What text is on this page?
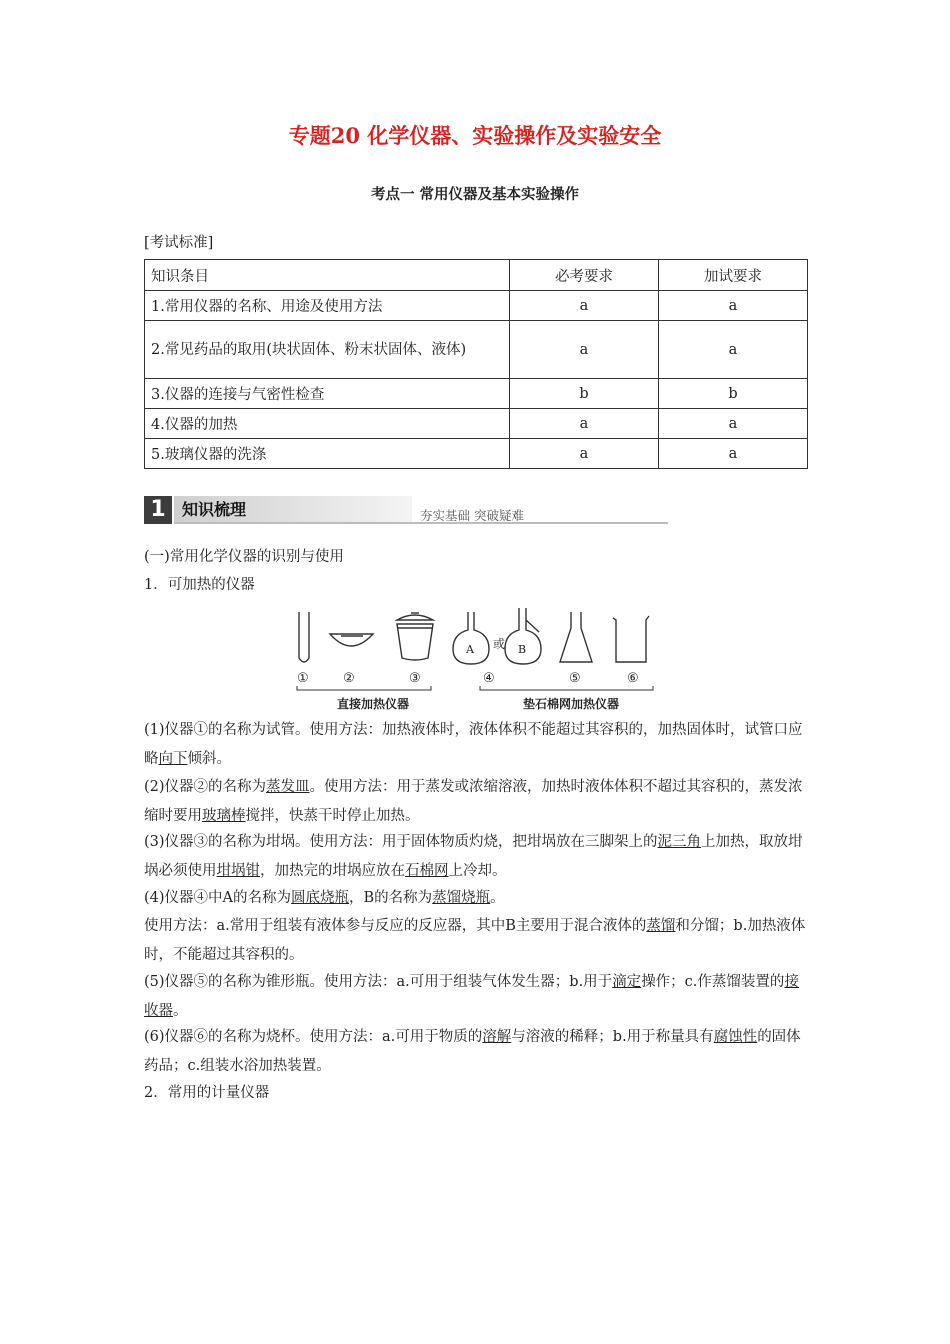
专题20 化学仪器、实验操作及实验安全
考点一 常用仪器及基本实验操作
[考试标准]
知识条目	必考要求	加试要求
1.常用仪器的名称、用途及使用方法	a	a
2.常见药品的取用(块状固体、粉末状固体、液体)	a	a
3.仪器的连接与气密性检查	b	b
4.仪器的加热	a	a
5.玻璃仪器的洗涤	a	a
1	知识梳理	夯实基础 突破疑难
(一)常用化学仪器的识别与使用
1．可加热的仪器
A 或 B
①	②	③	④	⑤	⑥
直接加热仪器	垫石棉网加热仪器
(1)仪器①的名称为试管。使用方法：加热液体时，液体体积不能超过其容积的，加热固体时，试管口应略向下倾斜。
(2)仪器②的名称为蒸发皿。使用方法：用于蒸发或浓缩溶液，加热时液体体积不超过其容积的，蒸发浓缩时要用玻璃棒搅拌，快蒸干时停止加热。
(3)仪器③的名称为坩埚。使用方法：用于固体物质灼烧，把坩埚放在三脚架上的泥三角上加热，取放坩埚必须使用坩埚钳，加热完的坩埚应放在石棉网上冷却。
(4)仪器④中A的名称为圆底烧瓶，B的名称为蒸馏烧瓶。
使用方法：a.常用于组装有液体参与反应的反应器，其中B主要用于混合液体的蒸馏和分馏；b.加热液体时，不能超过其容积的。
(5)仪器⑤的名称为锥形瓶。使用方法：a.可用于组装气体发生器；b.用于滴定操作；c.作蒸馏装置的接收器。
(6)仪器⑥的名称为烧杯。使用方法：a.可用于物质的溶解与溶液的稀释；b.用于称量具有腐蚀性的固体药品；c.组装水浴加热装置。
2．常用的计量仪器
